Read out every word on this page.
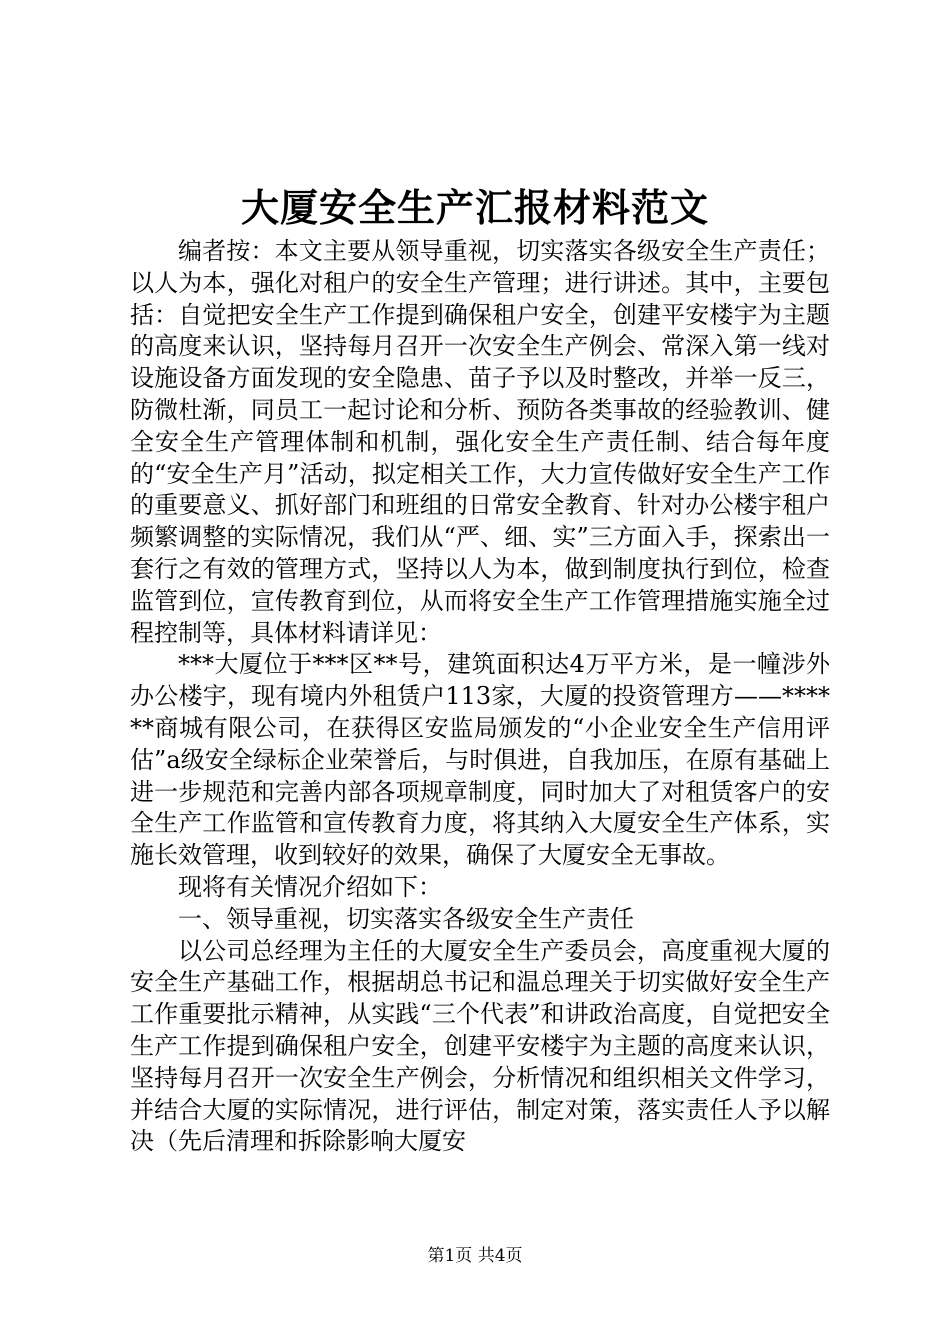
大厦安全生产汇报材料范文

编者按：本文主要从领导重视，切实落实各级安全生产责任；以人为本，强化对租户的安全生产管理；进行讲述。其中，主要包括：自觉把安全生产工作提到确保租户安全，创建平安楼宇为主题的高度来认识，坚持每月召开一次安全生产例会、常深入第一线对设施设备方面发现的安全隐患、苗子予以及时整改，并举一反三，防微杜渐，同员工一起讨论和分析、预防各类事故的经验教训、健全安全生产管理体制和机制，强化安全生产责任制、结合每年度的“安全生产月”活动，拟定相关工作，大力宣传做好安全生产工作的重要意义、抓好部门和班组的日常安全教育、针对办公楼宇租户频繁调整的实际情况，我们从“严、细、实”三方面入手，探索出一套行之有效的管理方式，坚持以人为本，做到制度执行到位，检查监管到位，宣传教育到位，从而将安全生产工作管理措施实施全过程控制等，具体材料请详见：

***大厦位于***区**号，建筑面积达4万平方米，是一幢涉外办公楼宇，现有境内外租赁户113家，大厦的投资管理方——******商城有限公司，在获得区安监局颁发的“小企业安全生产信用评估”a级安全绿标企业荣誉后，与时俱进，自我加压，在原有基础上进一步规范和完善内部各项规章制度，同时加大了对租赁客户的安全生产工作监管和宣传教育力度，将其纳入大厦安全生产体系，实施长效管理，收到较好的效果，确保了大厦安全无事故。

现将有关情况介绍如下：

一、领导重视，切实落实各级安全生产责任

以公司总经理为主任的大厦安全生产委员会，高度重视大厦的安全生产基础工作，根据胡总书记和温总理关于切实做好安全生产工作重要批示精神，从实践“三个代表”和讲政治高度，自觉把安全生产工作提到确保租户安全，创建平安楼宇为主题的高度来认识，坚持每月召开一次安全生产例会，分析情况和组织相关文件学习，并结合大厦的实际情况，进行评估，制定对策，落实责任人予以解决（先后清理和拆除影响大厦安

第1页 共4页
